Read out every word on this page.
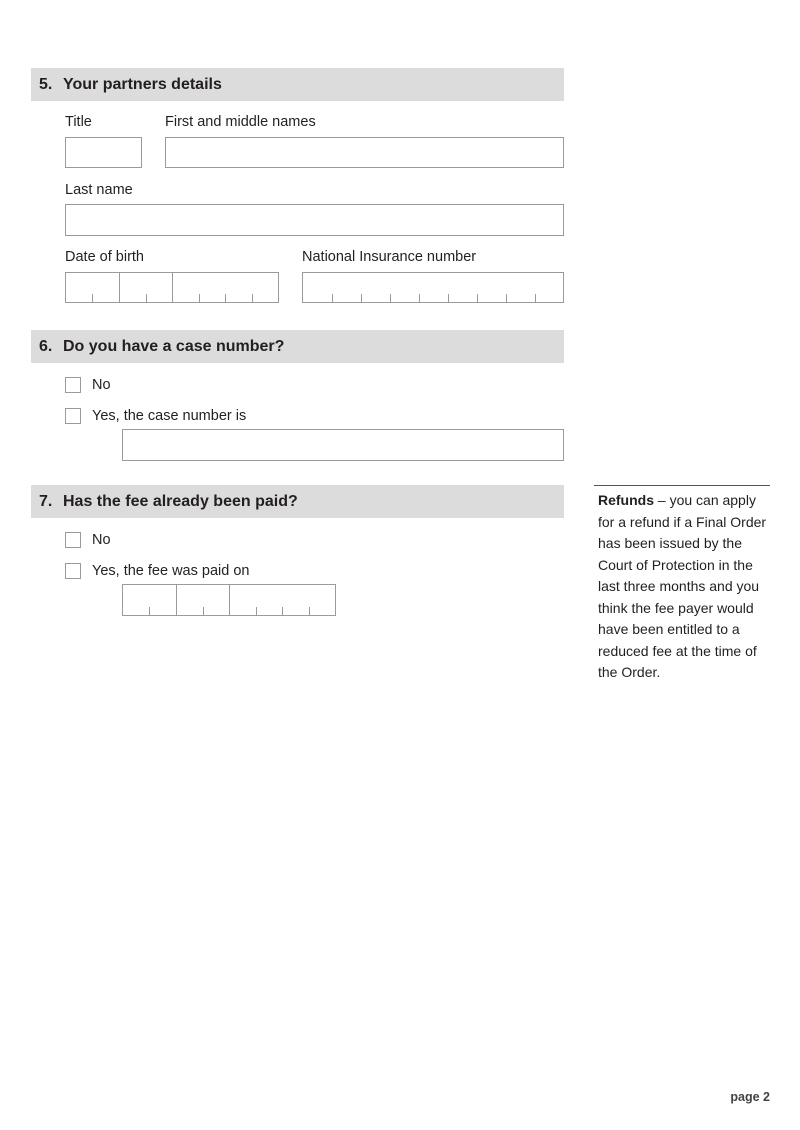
5. Your partners details
Title	First and middle names
Last name
Date of birth	National Insurance number
6. Do you have a case number?
No
Yes, the case number is
7. Has the fee already been paid?
No
Yes, the fee was paid on
Refunds – you can apply for a refund if a Final Order has been issued by the Court of Protection in the last three months and you think the fee payer would have been entitled to a reduced fee at the time of the Order.
page 2
